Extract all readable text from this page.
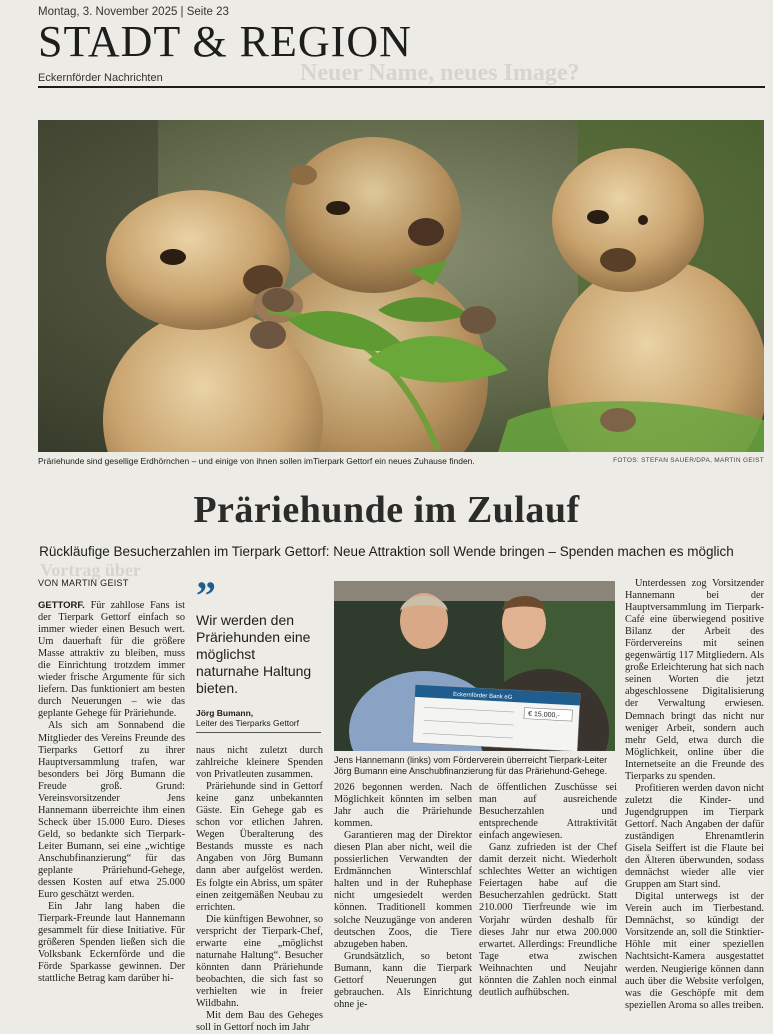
Neuer Name, neues Image?
Vortrag über
Montag, 3. November 2025 | Seite 23
STADT & REGION
Eckernförder Nachrichten
Präriehunde sind gesellige Erdhörnchen – und einige von ihnen sollen imTierpark Gettorf ein neues Zuhause finden.	FOTOS: STEFAN SAUER/DPA, MARTIN GEIST
Präriehunde im Zulauf
Rückläufige Besucherzahlen im Tierpark Gettorf: Neue Attraktion soll Wende bringen – Spenden machen es möglich
VON MARTIN GEIST

GETTORF. Für zahllose Fans ist der Tierpark Gettorf einfach so immer wieder einen Besuch wert. Um dauerhaft für die größere Masse attraktiv zu bleiben, muss die Einrichtung trotzdem immer wieder frische Argumente für sich liefern. Das funktioniert am besten durch Neuerungen – wie das geplante Gehege für Präriehunde.

Als sich am Sonnabend die Mitglieder des Vereins Freunde des Tierparks Gettorf zu ihrer Hauptversammlung trafen, war besonders bei Jörg Bumann die Freude groß. Grund: Vereinsvorsitzender Jens Hannemann überreichte ihm einen Scheck über 15.000 Euro. Dieses Geld, so bedankte sich Tierpark-Leiter Bumann, sei eine „wichtige Anschubfinanzierung“ für das geplante Präriehund-Gehege, dessen Kosten auf etwa 25.000 Euro geschätzt werden.

Ein Jahr lang haben die Tierpark-Freunde laut Hannemann gesammelt für diese Initiative. Für größeren Spenden ließen sich die Volksbank Eckernförde und die Förde Sparkasse gewinnen. Der stattliche Betrag kam darüber hi-

”
Wir werden den Präriehunden eine möglichst naturnahe Haltung bieten.
Jörg Bumann,
Leiter des Tierparks Gettorf

naus nicht zuletzt durch zahlreiche kleinere Spenden von Privatleuten zusammen.

Präriehunde sind in Gettorf keine ganz unbekannten Gäste. Ein Gehege gab es schon vor etlichen Jahren. Wegen Überalterung des Bestands musste es nach Angaben von Jörg Bumann dann aber aufgelöst werden. Es folgte ein Abriss, um später einen zeitgemäßen Neubau zu errichten.

Die künftigen Bewohner, so verspricht der Tierpark-Chef, erwarte eine „möglichst naturnahe Haltung“. Besucher könnten dann Präriehunde beobachten, die sich fast so verhielten wie in freier Wildbahn.

Mit dem Bau des Geheges soll in Gettorf noch im Jahr

Eckernförder Bank eG
€ 15.000,-
Jens Hannemann (links) vom Förderverein überreicht Tierpark-Leiter Jörg Bumann eine Anschubfinanzierung für das Präriehund-Gehege.

2026 begonnen werden. Nach Möglichkeit könnten im selben Jahr auch die Präriehunde kommen.

Garantieren mag der Direktor diesen Plan aber nicht, weil die possierlichen Verwandten der Erdmännchen Winterschlaf halten und in der Ruhephase nicht umgesiedelt werden können. Traditionell kommen solche Neuzugänge von anderen deutschen Zoos, die Tiere abzugeben haben.

Grundsätzlich, so betont Bumann, kann die Tierpark Gettorf Neuerungen gut gebrauchen. Als Einrichtung ohne je-

de öffentlichen Zuschüsse sei man auf ausreichende Besucherzahlen und entsprechende Attraktivität einfach angewiesen.

Ganz zufrieden ist der Chef damit derzeit nicht. Wiederholt schlechtes Wetter an wichtigen Feiertagen habe auf die Besucherzahlen gedrückt. Statt 210.000 Tierfreunde wie im Vorjahr würden deshalb für dieses Jahr nur etwa 200.000 erwartet. Allerdings: Freundliche Tage etwa zwischen Weihnachten und Neujahr könnten die Zahlen noch einmal deutlich aufhübschen.

Unterdessen zog Vorsitzender Hannemann bei der Hauptversammlung im Tierpark-Café eine überwiegend positive Bilanz der Arbeit des Fördervereins mit seinen gegenwärtig 117 Mitgliedern. Als große Erleichterung hat sich nach seinen Worten die jetzt abgeschlossene Digitalisierung der Verwaltung erwiesen. Demnach bringt das nicht nur weniger Arbeit, sondern auch mehr Geld, etwa durch die Möglichkeit, online über die Internetseite an die Freunde des Tierparks zu spenden.

Profitieren werden davon nicht zuletzt die Kinder- und Jugendgruppen im Tierpark Gettorf. Nach Angaben der dafür zuständigen Ehrenamtlerin Gisela Seiffert ist die Flaute bei den Älteren überwunden, sodass demnächst wieder alle vier Gruppen am Start sind.

Digital unterwegs ist der Verein auch im Tierbestand. Demnächst, so kündigt der Vorsitzende an, soll die Stinktier-Höhle mit einer speziellen Nachtsicht-Kamera ausgestattet werden. Neugierige können dann auch über die Website verfolgen, was die Geschöpfe mit dem speziellen Aroma so alles treiben.
